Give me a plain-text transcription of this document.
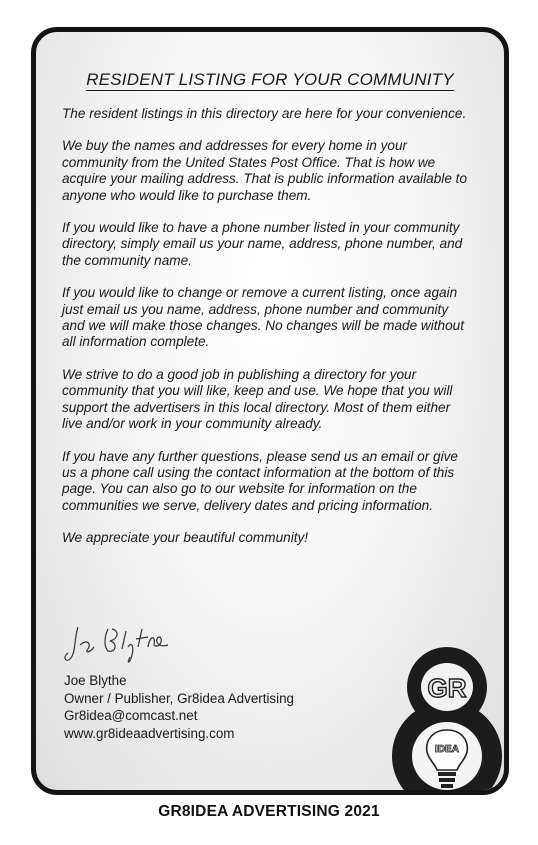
RESIDENT LISTING FOR YOUR COMMUNITY

The resident listings in this directory are here for your convenience.

We buy the names and addresses for every home in your community from the United States Post Office. That is how we acquire your mailing address. That is public information available to anyone who would like to purchase them.

If you would like to have a phone number listed in your community directory, simply email us your name, address, phone number, and the community name.

If you would like to change or remove a current listing, once again just email us you name, address, phone number and community and we will make those changes. No changes will be made without all information complete.

We strive to do a good job in publishing a directory for your community that you will like, keep and use. We hope that you will support the advertisers in this local directory. Most of them either live and/or work in your community already.

If you have any further questions, please send us an email or give us a phone call using the contact information at the bottom of this page. You can also go to our website for information on the communities we serve, delivery dates and pricing information.

We appreciate your beautiful community!

Joe Blythe
Owner / Publisher, Gr8idea Advertising
Gr8idea@comcast.net
www.gr8ideaadvertising.com
GR
IDEA
GR8IDEA ADVERTISING 2021
